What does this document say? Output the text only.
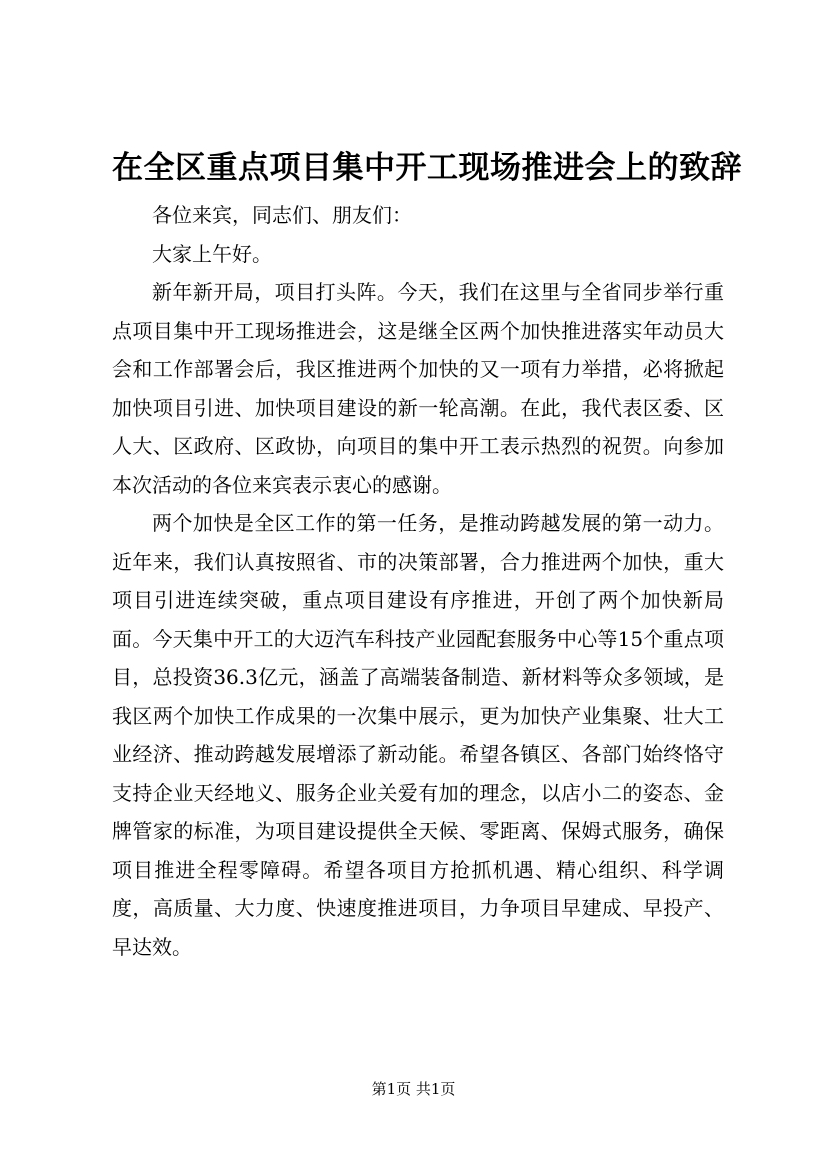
在全区重点项目集中开工现场推进会上的致辞

各位来宾，同志们、朋友们：

大家上午好。

新年新开局，项目打头阵。今天，我们在这里与全省同步举行重点项目集中开工现场推进会，这是继全区两个加快推进落实年动员大会和工作部署会后，我区推进两个加快的又一项有力举措，必将掀起加快项目引进、加快项目建设的新一轮高潮。在此，我代表区委、区人大、区政府、区政协，向项目的集中开工表示热烈的祝贺。向参加本次活动的各位来宾表示衷心的感谢。

两个加快是全区工作的第一任务，是推动跨越发展的第一动力。近年来，我们认真按照省、市的决策部署，合力推进两个加快，重大项目引进连续突破，重点项目建设有序推进，开创了两个加快新局面。今天集中开工的大迈汽车科技产业园配套服务中心等15个重点项目，总投资36.3亿元，涵盖了高端装备制造、新材料等众多领域，是我区两个加快工作成果的一次集中展示，更为加快产业集聚、壮大工业经济、推动跨越发展增添了新动能。希望各镇区、各部门始终恪守支持企业天经地义、服务企业关爱有加的理念，以店小二的姿态、金牌管家的标准，为项目建设提供全天候、零距离、保姆式服务，确保项目推进全程零障碍。希望各项目方抢抓机遇、精心组织、科学调度，高质量、大力度、快速度推进项目，力争项目早建成、早投产、早达效。

第1页 共1页
